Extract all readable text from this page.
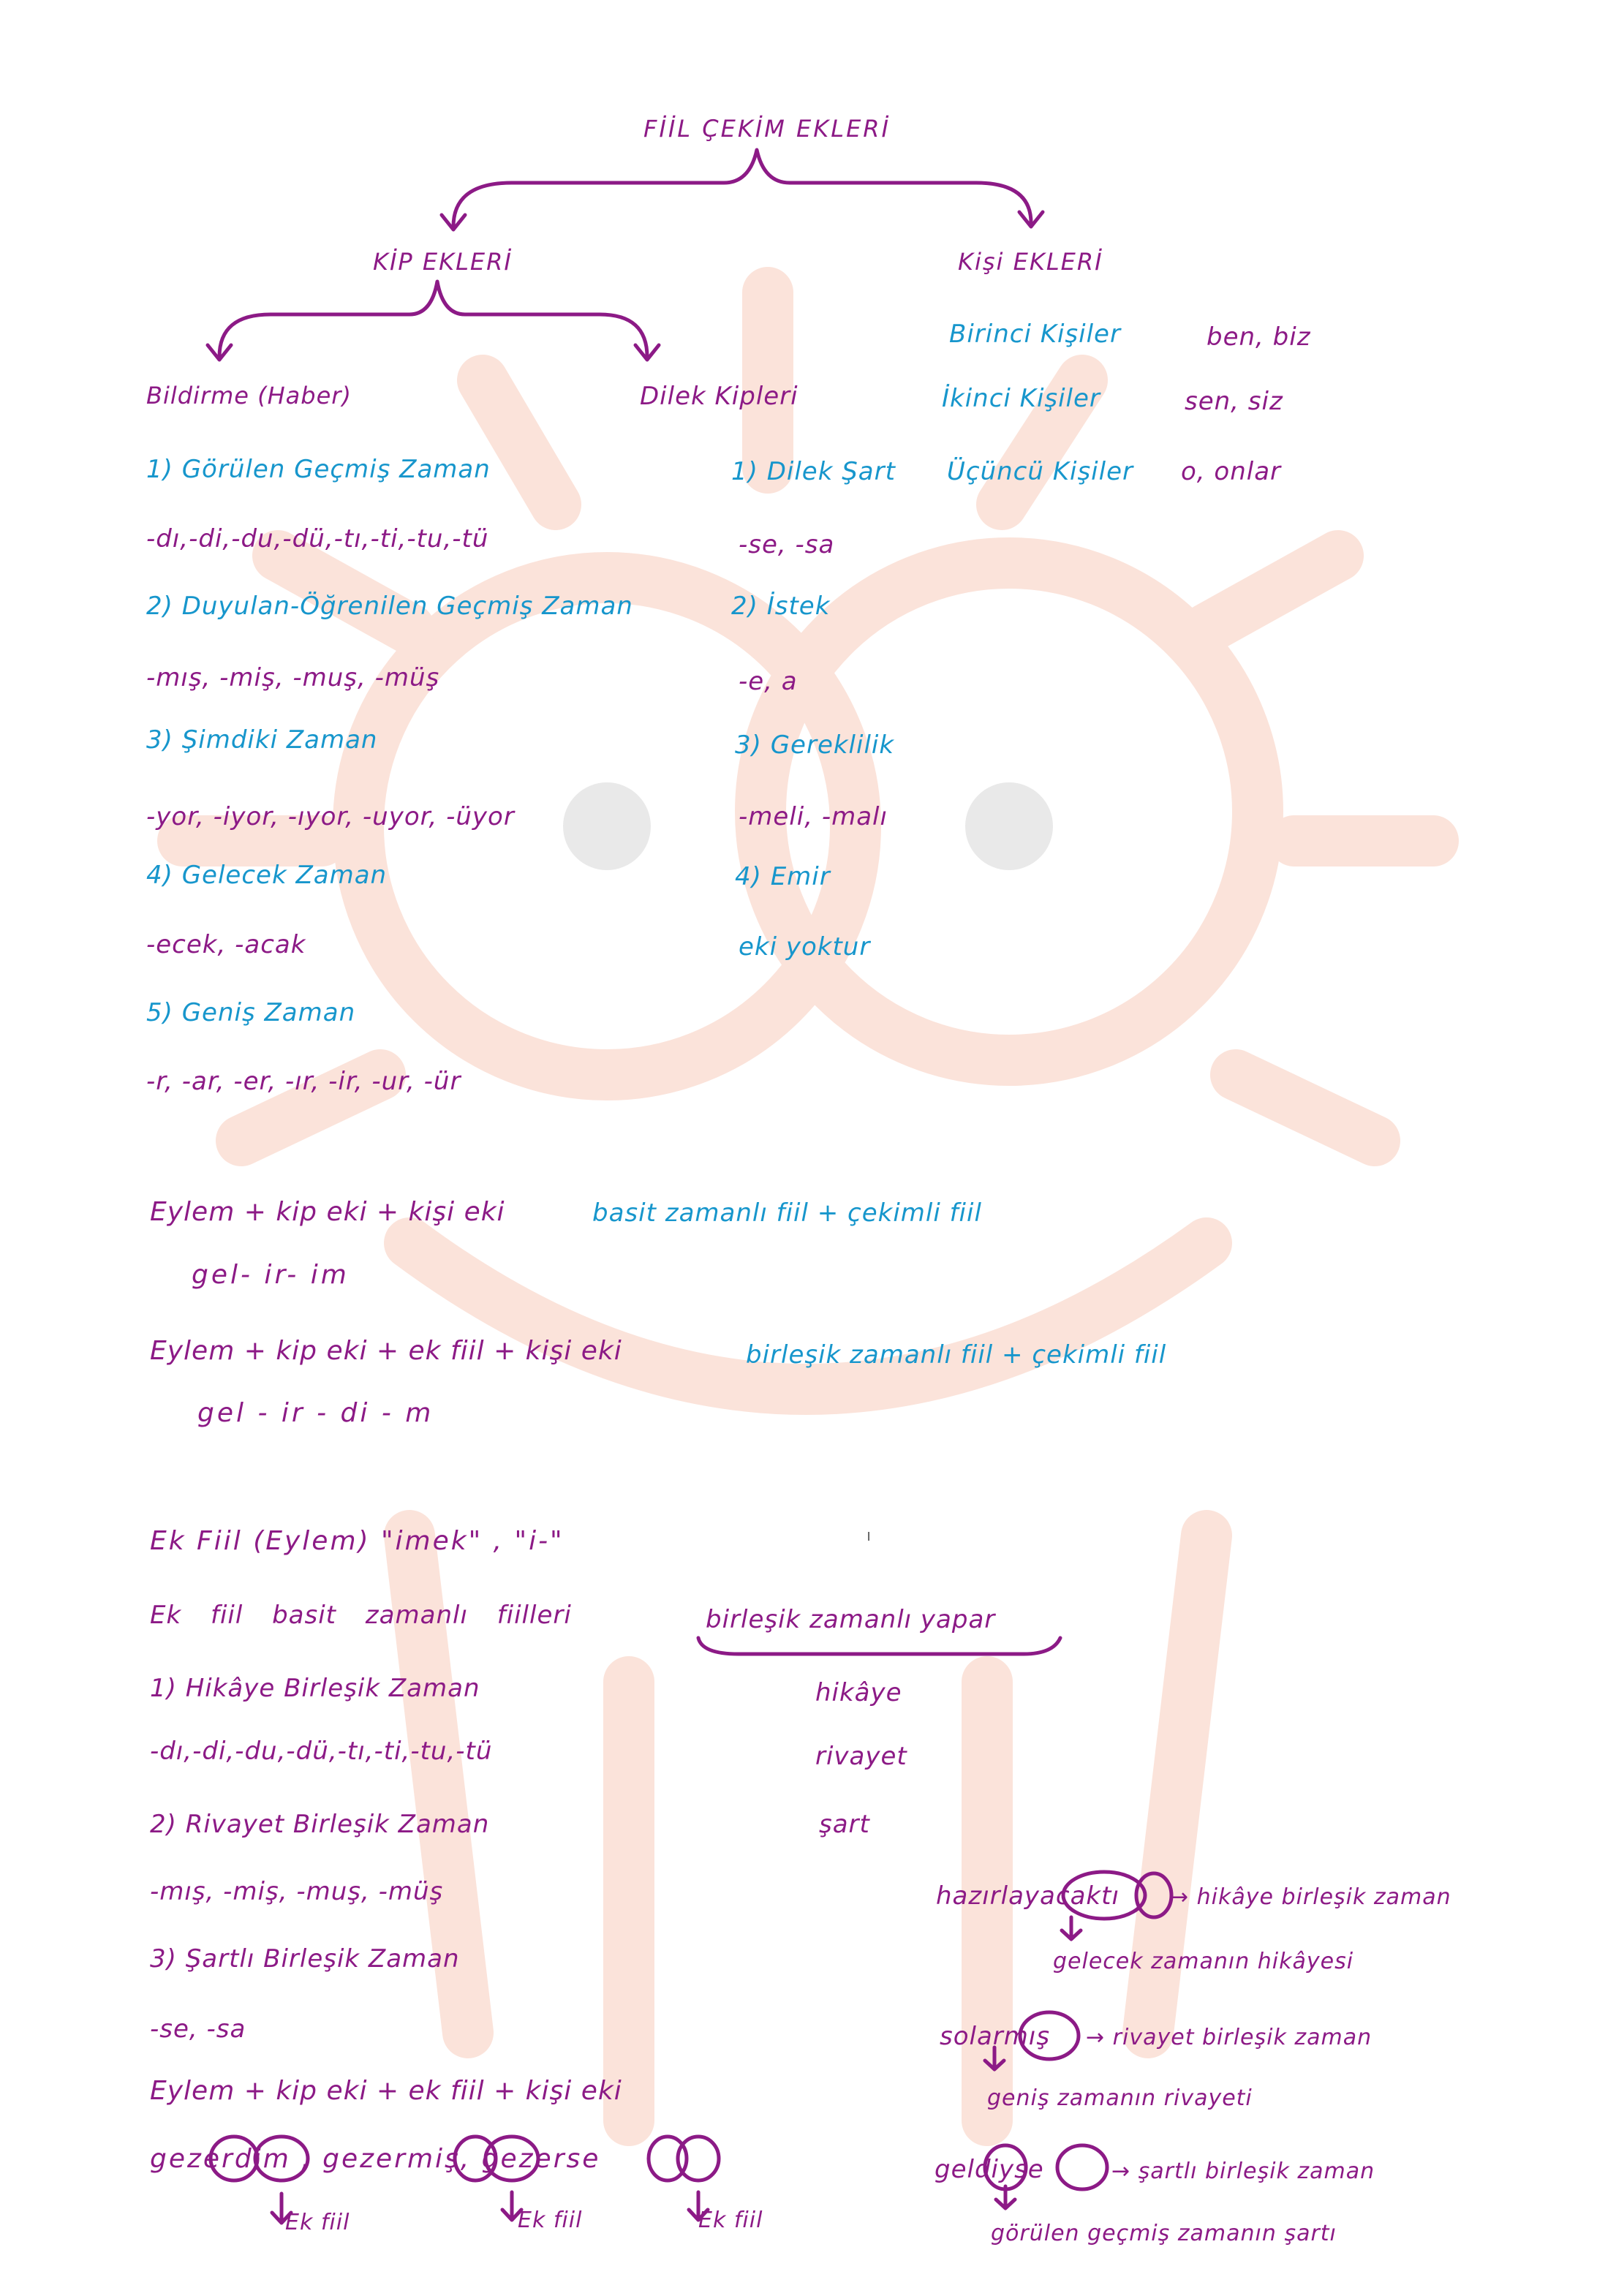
FİİL ÇEKİM EKLERİ
KİP EKLERİ	Kişi EKLERİ
Birinci Kişiler	ben, biz
İkinci Kişiler	sen, siz
Üçüncü Kişiler o, onlar
Bildirme (Haber)
1) Görülen Geçmiş Zaman
-dı,-di,-du,-dü,-tı,-ti,-tu,-tü
2) Duyulan-Öğrenilen Geçmiş Zaman
-mış, -miş, -muş, -müş
3) Şimdiki Zaman
-yor, -iyor, -ıyor, -uyor, -üyor
4) Gelecek Zaman
-ecek, -acak
5) Geniş Zaman
-r, -ar, -er, -ır, -ir, -ur, -ür
Dilek Kipleri
1) Dilek Şart
-se, -sa
2) İstek
-e, a
3) Gereklilik
-meli, -malı
4) Emir
eki yoktur
Eylem + kip eki + kişi eki	basit zamanlı fiil + çekimli fiil
gel- ir- im
Eylem + kip eki + ek fiil + kişi eki	birleşik zamanlı fiil + çekimli fiil
gel - ir - di - m
Ek Fiil (Eylem) "imek" , "i-"	ı
Ek fiil basit zamanlı fiilleri	birleşik zamanlı yapar
1) Hikâye Birleşik Zaman
-dı,-di,-du,-dü,-tı,-ti,-tu,-tü
2) Rivayet Birleşik Zaman
-mış, -miş, -muş, -müş
3) Şartlı Birleşik Zaman
-se, -sa
hikâye
rivayet
şart
Eylem + kip eki + ek fiil + kişi eki
gezerdim , gezermiş, gezerse
Ek fiil	Ek fiil	Ek fiil
hazırlayacaktı → hikâye birleşik zaman
gelecek zamanın hikâyesi
solarmış → rivayet birleşik zaman
geniş zamanın rivayeti
geldiyse	→ şartlı birleşik zaman
görülen geçmiş zamanın şartı
